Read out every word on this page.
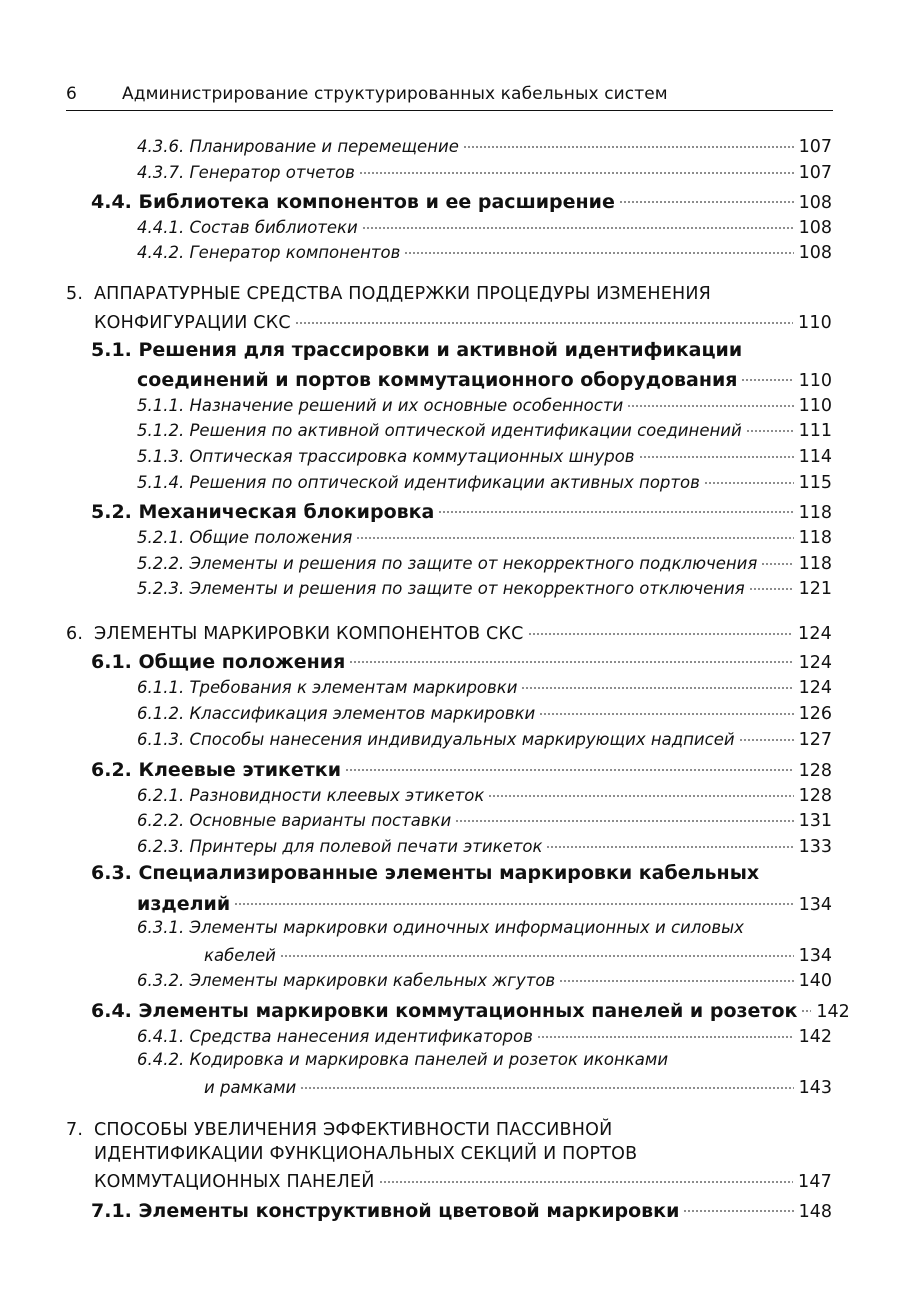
6	Администрирование структурированных кабельных систем
4.3.6. Планирование и перемещение	107
4.3.7. Генератор отчетов	107
4.4. Библиотека компонентов и ее расширение	108
4.4.1. Состав библиотеки	108
4.4.2. Генератор компонентов	108
5. АППАРАТУРНЫЕ СРЕДСТВА ПОДДЕРЖКИ ПРОЦЕДУРЫ ИЗМЕНЕНИЯ
КОНФИГУРАЦИИ СКС	110
5.1. Решения для трассировки и активной идентификации
соединений и портов коммутационного оборудования	110
5.1.1. Назначение решений и их основные особенности	110
5.1.2. Решения по активной оптической идентификации соединений	111
5.1.3. Оптическая трассировка коммутационных шнуров	114
5.1.4. Решения по оптической идентификации активных портов	115
5.2. Механическая блокировка	118
5.2.1. Общие положения	118
5.2.2. Элементы и решения по защите от некорректного подключения 118
5.2.3. Элементы и решения по защите от некорректного отключения	121
6. ЭЛЕМЕНТЫ МАРКИРОВКИ КОМПОНЕНТОВ СКС	124
6.1. Общие положения	124
6.1.1. Требования к элементам маркировки	124
6.1.2. Классификация элементов маркировки	126
6.1.3. Способы нанесения индивидуальных маркирующих надписей	127
6.2. Клеевые этикетки	128
6.2.1. Разновидности клеевых этикеток	128
6.2.2. Основные варианты поставки	131
6.2.3. Принтеры для полевой печати этикеток	133
6.3. Специализированные элементы маркировки кабельных
изделий	134
6.3.1. Элементы маркировки одиночных информационных и силовых
кабелей	134
6.3.2. Элементы маркировки кабельных жгутов	140
6.4. Элементы маркировки коммутационных панелей и розеток 142
6.4.1. Средства нанесения идентификаторов	142
6.4.2. Кодировка и маркировка панелей и розеток иконками
и рамками	143
7. СПОСОБЫ УВЕЛИЧЕНИЯ ЭФФЕКТИВНОСТИ ПАССИВНОЙ
ИДЕНТИФИКАЦИИ ФУНКЦИОНАЛЬНЫХ СЕКЦИЙ И ПОРТОВ
КОММУТАЦИОННЫХ ПАНЕЛЕЙ	147
7.1. Элементы конструктивной цветовой маркировки	148
